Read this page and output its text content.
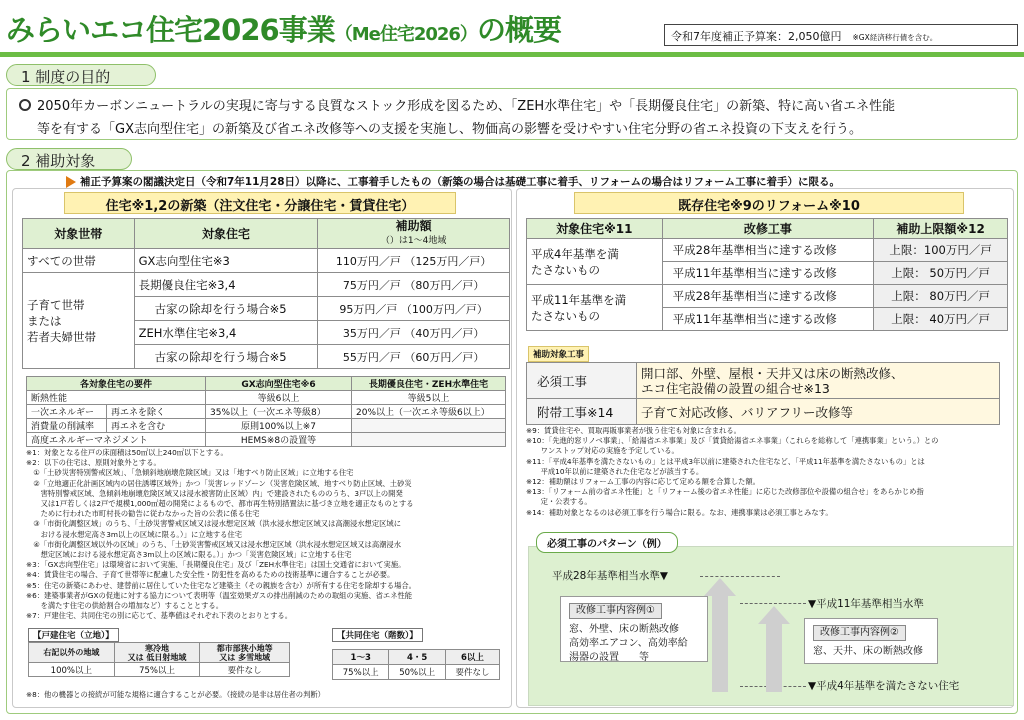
みらいエコ住宅2026事業（Me住宅2026）の概要	令和7年度補正予算案：2,050億円　 ※GX経済移行債を含む。
1 制度の目的
2050年カーボンニュートラルの実現に寄与する良質なストック形成を図るため、「ZEH水準住宅」や「長期優良住宅」の新築、特に高い省エネ性能
等を有する「GX志向型住宅」の新築及び省エネ改修等への支援を実施し、物価高の影響を受けやすい住宅分野の省エネ投資の下支えを行う。
2 補助対象
補正予算案の閣議決定日（令和7年11月28日）以降に、工事着手したもの（新築の場合は基礎工事に着手、リフォームの場合はリフォーム工事に着手）に限る。
住宅※1,2の新築（注文住宅・分譲住宅・賃貸住宅）
対象世帯	対象住宅	補助額
（）は1～4地域
すべての世帯	GX志向型住宅※3	110万円／戸 （125万円／戸）
子育て世帯
または
若者夫婦世帯	長期優良住宅※3,4	75万円／戸 （80万円／戸）
	古家の除却を行う場合※5	95万円／戸 （100万円／戸）
	ZEH水準住宅※3,4	35万円／戸 （40万円／戸）
	古家の除却を行う場合※5	55万円／戸 （60万円／戸）
各対象住宅の要件		GX志向型住宅※6	長期優良住宅・ZEH水準住宅
断熱性能		等級6以上	等級5以上
一次エネルギー	再エネを除く	35%以上（一次エネ等級8）	20%以上（一次エネ等級6以上）
消費量の削減率	再エネを含む	原則100%以上※7	
高度エネルギーマネジメント		HEMS※8の設置等	
※1：対象となる住戸の床面積は50㎡以上240㎡以下とする。
※2：以下の住宅は、原則対象外とする。
　①「土砂災害特別警戒区域」、「急傾斜地崩壊危険区域」又は「地すべり防止区域」に立地する住宅
　②「立地適正化計画区域内の居住誘導区域外」かつ「災害レッドゾーン（災害危険区域、地すべり防止区域、土砂災
　　害特別警戒区域、急傾斜地崩壊危険区域又は浸水被害防止区域）内」で建設されたもののうち、3戸以上の開発
　　又は1戸若しくは2戸で規模1,000㎡超の開発によるもので、都市再生特別措置法に基づき立地を適正なものとする
　　ために行われた市町村長の勧告に従わなかった旨の公表に係る住宅
　③「市街化調整区域」のうち、「土砂災害警戒区域又は浸水想定区域（洪水浸水想定区域又は高潮浸水想定区域に
　　おける浸水想定高さ3m以上の区域に限る。）」に立地する住宅
　④「市街化調整区域以外の区域」のうち、「土砂災害警戒区域又は浸水想定区域（洪水浸水想定区域又は高潮浸水
　　想定区域における浸水想定高さ3m以上の区域に限る。）」かつ「災害危険区域」に立地する住宅
※3：「GX志向型住宅」は環境省において実施、「長期優良住宅」及び「ZEH水準住宅」は国土交通省において実施。
※4：賃貸住宅の場合、子育て世帯等に配慮した安全性・防犯性を高めるための技術基準に適合することが必要。
※5：住宅の新築にあわせ、建替前に居住していた住宅など建築主（その親族を含む）が所有する住宅を除却する場合。
※6：建築事業者がGXの促進に対する協力について表明等（温室効果ガスの排出削減のための取組の実施、省エネ性能
　　を満たす住宅の供給割合の増加など）することとする。
※7：戸建住宅、共同住宅の別に応じて、基準値はそれぞれ下表のとおりとする。
【戸建住宅（立地）】
右記以外の地域	寒冷地
又は 低日射地域	都市部狭小地等
又は 多雪地域
100%以上	75%以上	要件なし
【共同住宅（階数）】
1～3	4・5	6以上
75%以上	50%以上	要件なし
※8：他の機器との接続が可能な規格に適合することが必要。（接続の是非は居住者の判断）
既存住宅※9のリフォーム※10
対象住宅※11	改修工事	補助上限額※12
平成4年基準を満
たさないもの	平成28年基準相当に達する改修	上限：100万円／戸
	平成11年基準相当に達する改修	上限： 50万円／戸
平成11年基準を満
たさないもの	平成28年基準相当に達する改修	上限： 80万円／戸
	平成11年基準相当に達する改修	上限： 40万円／戸
補助対象工事
必須工事	開口部、外壁、屋根・天井又は床の断熱改修、
エコ住宅設備の設置の組合せ※13
附帯工事※14	子育て対応改修、バリアフリー改修等
※9：賃貸住宅や、買取再販事業者が扱う住宅も対象に含まれる。
※10：「先進的窓リノベ事業」、「給湯省エネ事業」及び「賃貸給湯省エネ事業」（これらを総称して「連携事業」という。）との
　　ワンストップ対応の実施を予定している。
※11：「平成4年基準を満たさないもの」とは平成3年以前に建築された住宅など、「平成11年基準を満たさないもの」とは
　　平成10年以前に建築された住宅などが該当する。
※12：補助額はリフォーム工事の内容に応じて定める額を合算した額。
※13：「リフォーム前の省エネ性能」と「リフォーム後の省エネ性能」に応じた改修部位や設備の組合せ」をあらかじめ指
　　定・公表する。
※14：補助対象となるのは必須工事を行う場合に限る。なお、連携事業は必須工事とみなす。
必須工事のパターン（例）
平成28年基準相当水準▼
▼平成11年基準相当水準
▼平成4年基準を満たさない住宅
改修工事内容例①
窓、外壁、床の断熱改修
高効率エアコン、高効率給
湯器の設置　　等
改修工事内容例②
窓、天井、床の断熱改修
